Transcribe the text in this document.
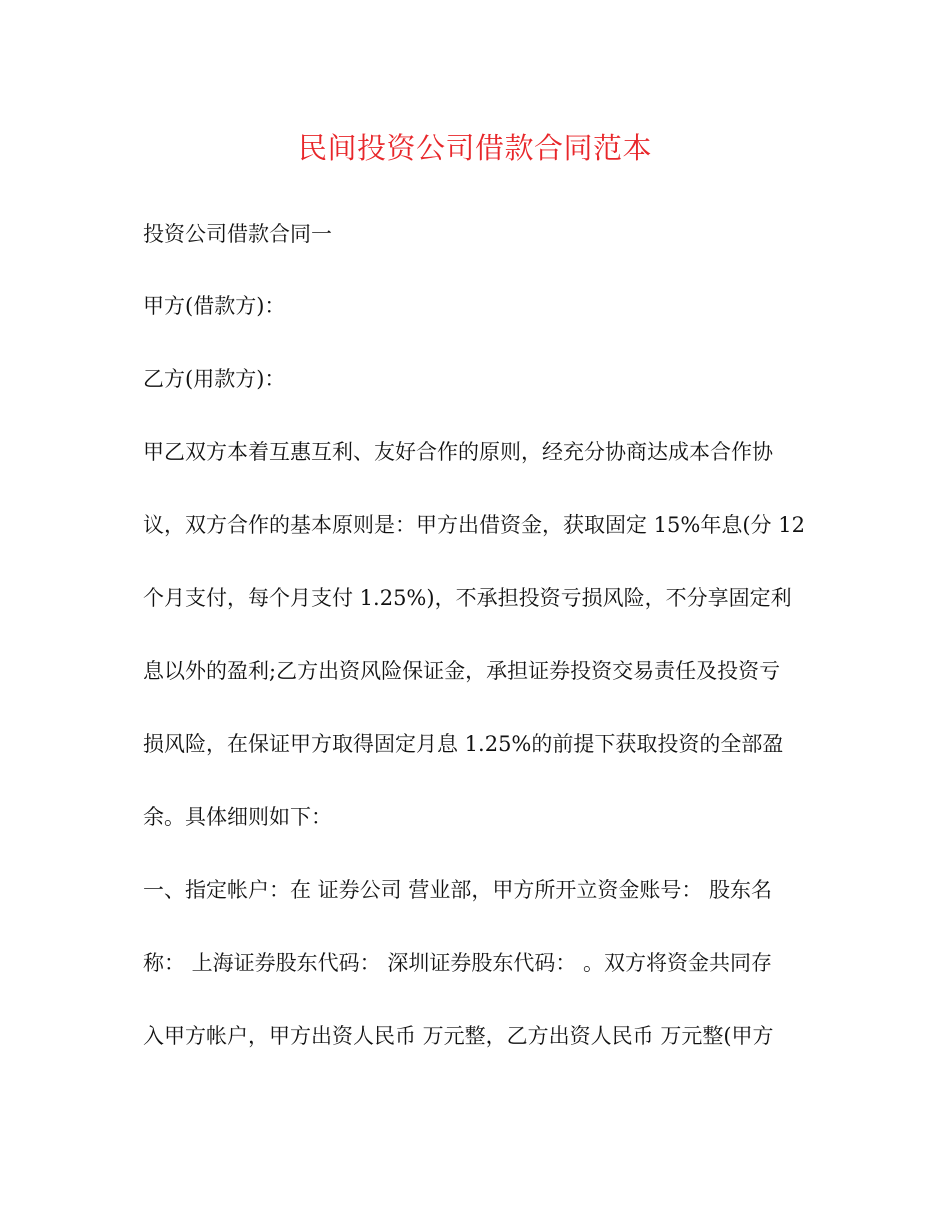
民间投资公司借款合同范本
投资公司借款合同一
甲方(借款方)：
乙方(用款方)：
甲乙双方本着互惠互利、友好合作的原则，经充分协商达成本合作协
议，双方合作的基本原则是：甲方出借资金，获取固定 15%年息(分 12
个月支付，每个月支付 1.25%)，不承担投资亏损风险，不分享固定利
息以外的盈利;乙方出资风险保证金，承担证券投资交易责任及投资亏
损风险，在保证甲方取得固定月息 1.25%的前提下获取投资的全部盈
余。具体细则如下：
一、指定帐户：在 证券公司 营业部，甲方所开立资金账号： 股东名
称： 上海证券股东代码： 深圳证券股东代码： 。双方将资金共同存
入甲方帐户，甲方出资人民币 万元整，乙方出资人民币 万元整(甲方
